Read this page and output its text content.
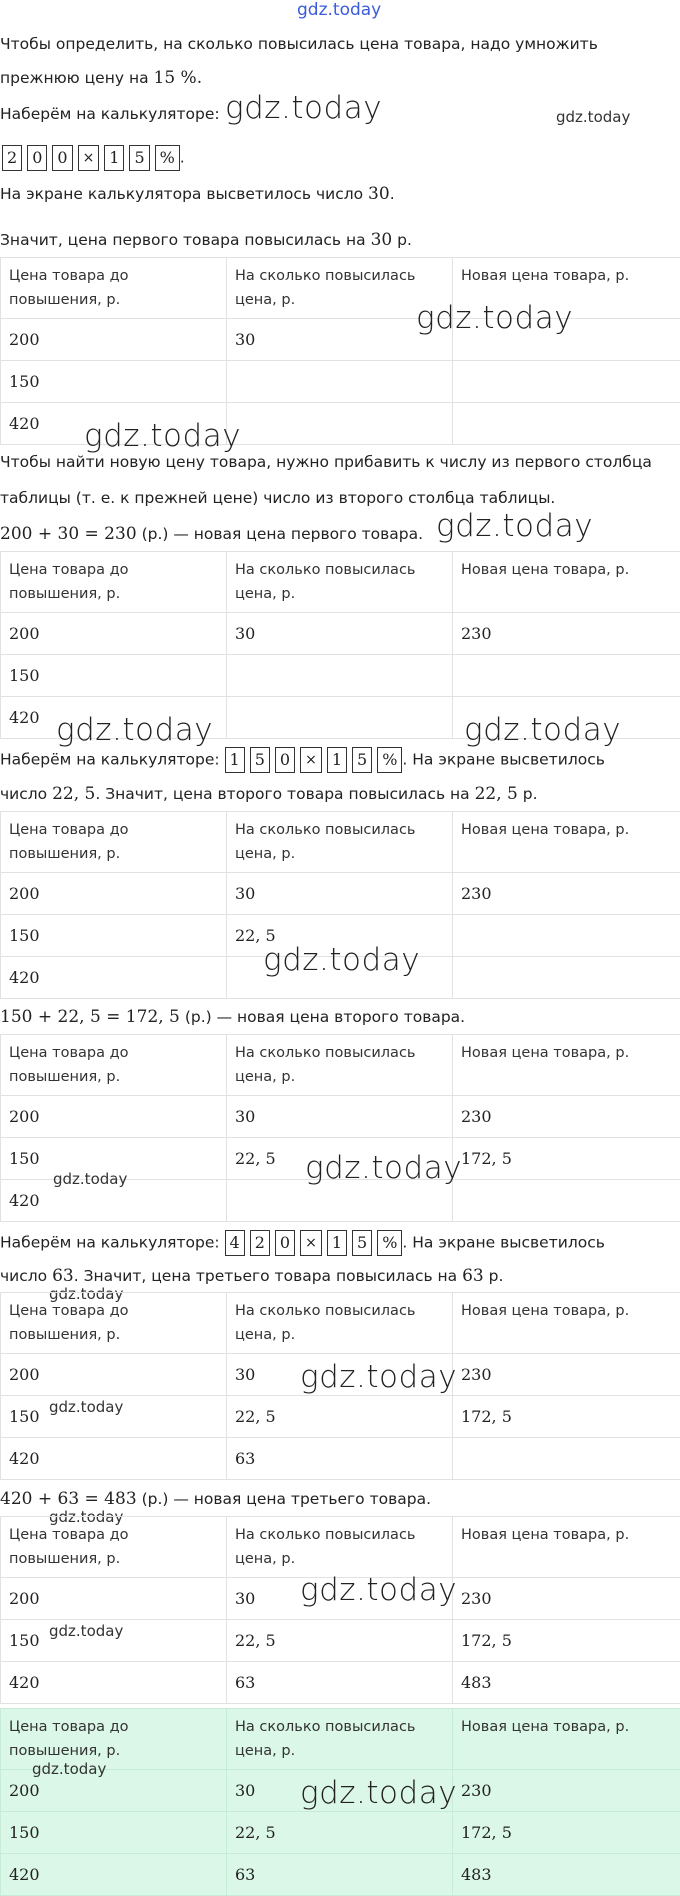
gdz.today
Чтобы определить, на сколько повысилась цена товара, надо умножить
прежнюю цену на 15 %.
Наберём на калькуляторе: gdz.today	gdz.today
2 0 0	× 1 5 % .
На экране калькулятора высветилось число 30.
Значит, цена первого товара повысилась на 30 р.
Цена товара до повышения, р.	На сколько повысилась цена, р.	Новая цена товара, р.
200	30	
150		
420		
gdz.today
gdz.today
Чтобы найти новую цену товара, нужно прибавить к числу из первого столбца
таблицы (т. е. к прежней цене) число из второго столбца таблицы.
200 + 30 = 230 (р.) — новая цена первого товара. gdz.today
Цена товара до повышения, р.	На сколько повысилась цена, р.	Новая цена товара, р.
200	30	230
150		
420		gdz.today	gdz.today
Наберём на калькуляторе: 1 5 0	× 1 5 % . На экране высветилось
число 22, 5. Значит, цена второго товара повысилась на 22, 5 р.
Цена товара до повышения, р.	На сколько повысилась цена, р.	Новая цена товара, р.
200	30	230
150	22, 5	
420			gdz.today
150 + 22, 5 = 172, 5 (р.) — новая цена второго товара.
Цена товара до повышения, р.	На сколько повысилась цена, р.	Новая цена товара, р.
200	30	230
150	22, 5	172, 5
420		
gdz.today	gdz.today
Наберём на калькуляторе: 4 2 0	× 1 5 % . На экране высветилось
число 63. Значит, цена третьего товара повысилась на 63 р.
gdz.today
Цена товара до повышения, р.	На сколько повысилась цена, р.	Новая цена товара, р.
200	30	230
150	22, 5	172, 5
420	63	
gdz.today
gdz.today
420 + 63 = 483 (р.) — новая цена третьего товара.
gdz.today
Цена товара до повышения, р.	На сколько повысилась цена, р.	Новая цена товара, р.
200	30	230
150	22, 5	172, 5
420	63	483
gdz.today
gdz.today
Цена товара до повышения, р.	На сколько повысилась цена, р.	Новая цена товара, р.
200	30	230
150	22, 5	172, 5
420	63	483
gdz.today
gdz.today
